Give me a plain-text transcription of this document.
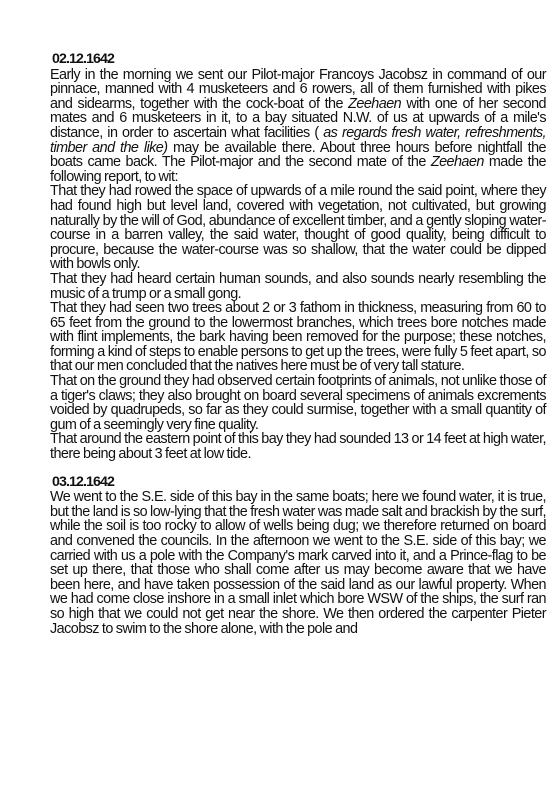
02.12.1642

Early in the morning we sent our Pilot-major Francoys Jacobsz in command of our pinnace, manned with 4 musketeers and 6 rowers, all of them furnished with pikes and sidearms, together with the cock-boat of the Zeehaen with one of her second mates and 6 musketeers in it, to a bay situated N.W. of us at upwards of a mile's distance, in order to ascertain what facilities ( as regards fresh water, refreshments, timber and the like) may be available there. About three hours before nightfall the boats came back. The Pilot-major and the second mate of the Zeehaen made the following report, to wit:

That they had rowed the space of upwards of a mile round the said point, where they had found high but level land, covered with vegetation, not cultivated, but growing naturally by the will of God, abundance of excellent timber, and a gently sloping water-course in a barren valley, the said water, thought of good quality, being difficult to procure, because the water-course was so shallow, that the water could be dipped with bowls only.

That they had heard certain human sounds, and also sounds nearly resembling the music of a trump or a small gong.

That they had seen two trees about 2 or 3 fathom in thickness, measuring from 60 to 65 feet from the ground to the lowermost branches, which trees bore notches made with flint implements, the bark having been removed for the purpose; these notches, forming a kind of steps to enable persons to get up the trees, were fully 5 feet apart, so that our men concluded that the natives here must be of very tall stature.

That on the ground they had observed certain footprints of animals, not unlike those of a tiger's claws; they also brought on board several specimens of animals excrements voided by quadrupeds, so far as they could surmise, together with a small quantity of gum of a seemingly very fine quality.

That around the eastern point of this bay they had sounded 13 or 14 feet at high water, there being about 3 feet at low tide.

03.12.1642

We went to the S.E. side of this bay in the same boats; here we found water, it is true, but the land is so low-lying that the fresh water was made salt and brackish by the surf, while the soil is too rocky to allow of wells being dug; we therefore returned on board and convened the councils. In the afternoon we went to the S.E. side of this bay; we carried with us a pole with the Company's mark carved into it, and a Prince-flag to be set up there, that those who shall come after us may become aware that we have been here, and have taken possession of the said land as our lawful property. When we had come close inshore in a small inlet which bore WSW of the ships, the surf ran so high that we could not get near the shore. We then ordered the carpenter Pieter Jacobsz to swim to the shore alone, with the pole and
